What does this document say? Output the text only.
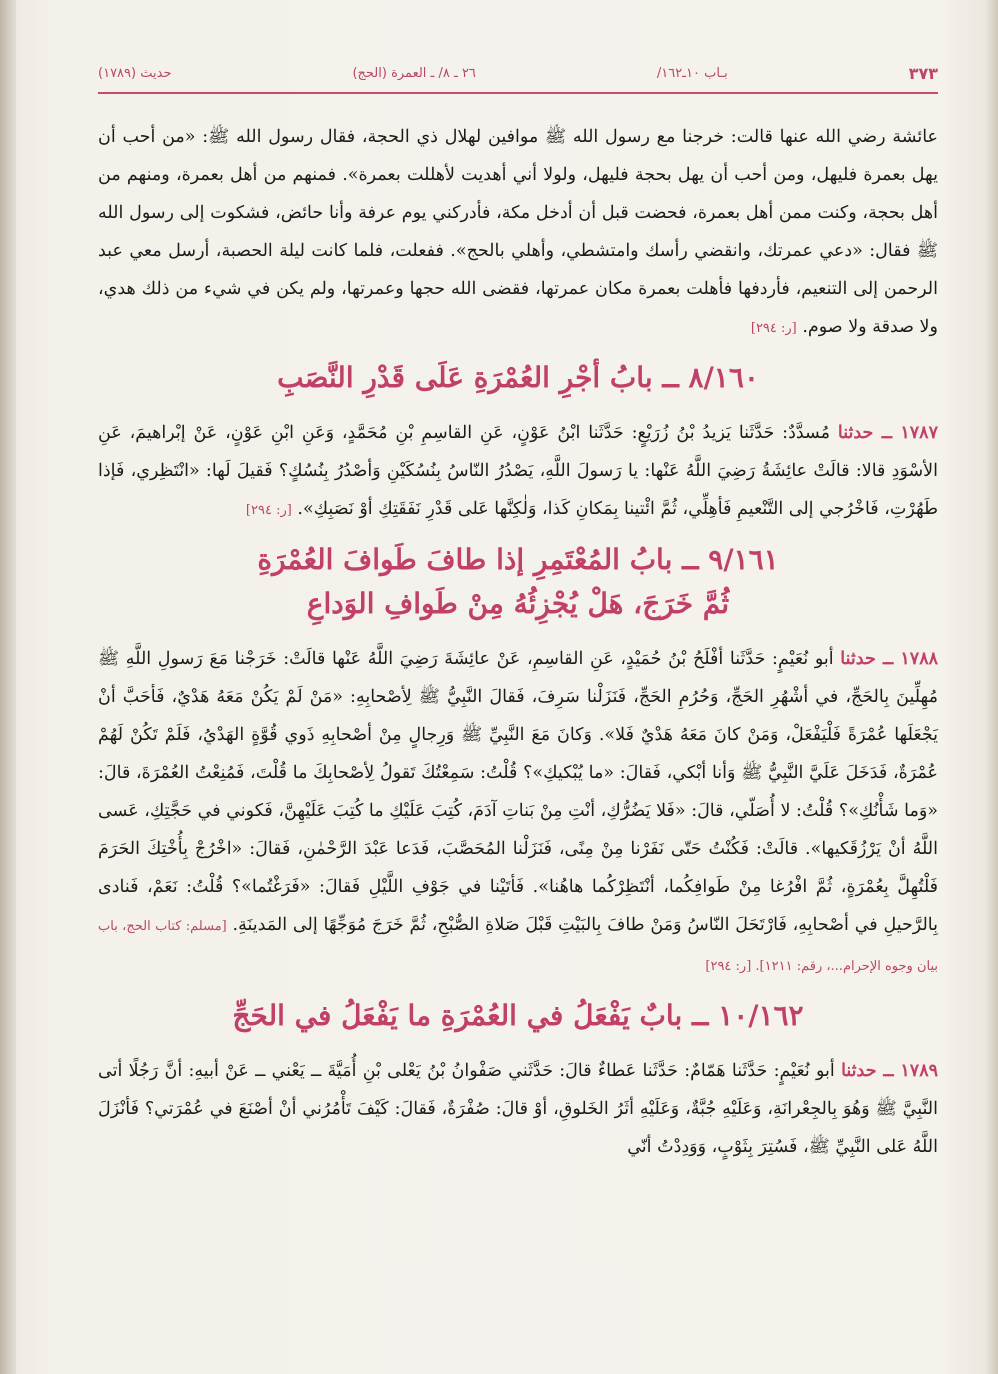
حديث (١٧٨٩)	٢٦ ـ ٨/ ـ العمرة (الحج)	بـاب ١٠ـ١٦٢/	٣٧٣

عائشة رضي الله عنها قالت: خرجنا مع رسول الله ﷺ موافين لهلال ذي الحجة، فقال رسول الله ﷺ: «من أحب أن يهل بعمرة فليهل، ومن أحب أن يهل بحجة فليهل، ولولا أني أهديت لأهللت بعمرة». فمنهم من أهل بعمرة، ومنهم من أهل بحجة، وكنت ممن أهل بعمرة، فحضت قبل أن أدخل مكة، فأدركني يوم عرفة وأنا حائض، فشكوت إلى رسول الله ﷺ فقال: «دعي عمرتك، وانقضي رأسك وامتشطي، وأهلي بالحج». ففعلت، فلما كانت ليلة الحصبة، أرسل معي عبد الرحمن إلى التنعيم، فأردفها فأهلت بعمرة مكان عمرتها، فقضى الله حجها وعمرتها، ولم يكن في شيء من ذلك هدي، ولا صدقة ولا صوم. [ر: ٢٩٤]

٨/١٦٠ ــ بابُ أجْرِ العُمْرَةِ عَلَى قَدْرِ النَّصَبِ

١٧٨٧ ــ حدثنا مُسدَّدٌ: حَدَّثَنا يَزيدُ بْنُ زُرَيْعٍ: حَدَّثَنا ابْنُ عَوْنٍ، عَنِ القاسِمِ بْنِ مُحَمَّدٍ، وَعَنِ ابْنِ عَوْنٍ، عَنْ إبْراهيمَ، عَنِ الأسْوَدِ قالا: قالَتْ عائِشَةُ رَضِيَ اللَّهُ عَنْها: يا رَسولَ اللَّهِ، يَصْدُرُ النّاسُ بِنُسُكَيْنِ وَأصْدُرُ بِنُسُكٍ؟ فَقيلَ لَها: «انْتَظِري، فَإذا طَهُرْتِ، فَاخْرُجي إلى التَّنْعيمِ فَأهِلِّي، ثُمَّ ائْتينا بِمَكانِ كَذا، وَلٰكِنَّها عَلى قَدْرِ نَفَقَتِكِ أوْ نَصَبِكِ». [ر: ٢٩٤]

٩/١٦١ ــ بابُ المُعْتَمِرِ إذا طافَ طَوافَ العُمْرَةِ
ثُمَّ خَرَجَ، هَلْ يُجْزِئُهُ مِنْ طَوافِ الوَداعِ

١٧٨٨ ــ حدثنا أبو نُعَيْمٍ: حَدَّثَنا أفْلَحُ بْنُ حُمَيْدٍ، عَنِ القاسِمِ، عَنْ عائِشَةَ رَضِيَ اللَّهُ عَنْها قالَتْ: خَرَجْنا مَعَ رَسولِ اللَّهِ ﷺ مُهِلِّينَ بِالحَجِّ، في أشْهُرِ الحَجِّ، وَحُرُمِ الحَجِّ، فَنَزَلْنا سَرِفَ، فَقالَ النَّبِيُّ ﷺ لِأصْحابِهِ: «مَنْ لَمْ يَكُنْ مَعَهُ هَدْيٌ، فَأحَبَّ أنْ يَجْعَلَها عُمْرَةً فَلْيَفْعَلْ، وَمَنْ كانَ مَعَهُ هَدْيٌ فَلا». وَكانَ مَعَ النَّبِيِّ ﷺ وَرِجالٍ مِنْ أصْحابِهِ ذَوي قُوَّةٍ الهَدْيُ، فَلَمْ تَكُنْ لَهُمْ عُمْرَةٌ، فَدَخَلَ عَلَيَّ النَّبِيُّ ﷺ وَأنا أبْكي، فَقالَ: «ما يُبْكيكِ»؟ قُلْتُ: سَمِعْتُكَ تَقولُ لِأصْحابِكَ ما قُلْتَ، فَمُنِعْتُ العُمْرَةَ، قالَ: «وَما شَأْنُكِ»؟ قُلْتُ: لا أُصَلّي، قالَ: «فَلا يَضُرُّكِ، أنْتِ مِنْ بَناتِ آدَمَ، كُتِبَ عَلَيْكِ ما كُتِبَ عَلَيْهِنَّ، فَكوني في حَجَّتِكِ، عَسى اللَّهُ أنْ يَرْزُقَكيها». قالَتْ: فَكُنْتُ حَتّى نَفَرْنا مِنْ مِنًى، فَنَزَلْنا المُحَصَّبَ، فَدَعا عَبْدَ الرَّحْمٰنِ، فَقالَ: «اخْرُجْ بِأُخْتِكَ الحَرَمَ فَلْتُهِلَّ بِعُمْرَةٍ، ثُمَّ افْرُغا مِنْ طَوافِكُما، أنْتَظِرْكُما هاهُنا». فَأتَيْنا في جَوْفِ اللَّيْلِ فَقالَ: «فَرَغْتُما»؟ قُلْتُ: نَعَمْ، فَنادى بِالرَّحيلِ في أصْحابِهِ، فَارْتَحَلَ النّاسُ وَمَنْ طافَ بِالبَيْتِ قَبْلَ صَلاةِ الصُّبْحِ، ثُمَّ خَرَجَ مُوَجِّهًا إلى المَدينَةِ. [مسلم: كتاب الحج، باب بيان وجوه الإحرام...، رقم: ١٢١١]. [ر: ٢٩٤]

١٠/١٦٢ ــ بابٌ يَفْعَلُ في العُمْرَةِ ما يَفْعَلُ في الحَجِّ

١٧٨٩ ــ حدثنا أبو نُعَيْمٍ: حَدَّثَنا هَمّامٌ: حَدَّثَنا عَطاءٌ قالَ: حَدَّثَني صَفْوانُ بْنُ يَعْلى بْنِ أُمَيَّةَ ــ يَعْني ــ عَنْ أبيهِ: أنَّ رَجُلًا أتى النَّبِيَّ ﷺ وَهُوَ بِالجِعْرانَةِ، وَعَلَيْهِ جُبَّةٌ، وَعَلَيْهِ أثَرُ الخَلوقِ، أوْ قالَ: صُفْرَةٌ، فَقالَ: كَيْفَ تَأْمُرُني أنْ أصْنَعَ في عُمْرَتي؟ فَأنْزَلَ اللَّهُ عَلى النَّبِيِّ ﷺ، فَسُتِرَ بِثَوْبٍ، وَوَدِدْتُ أنّي
